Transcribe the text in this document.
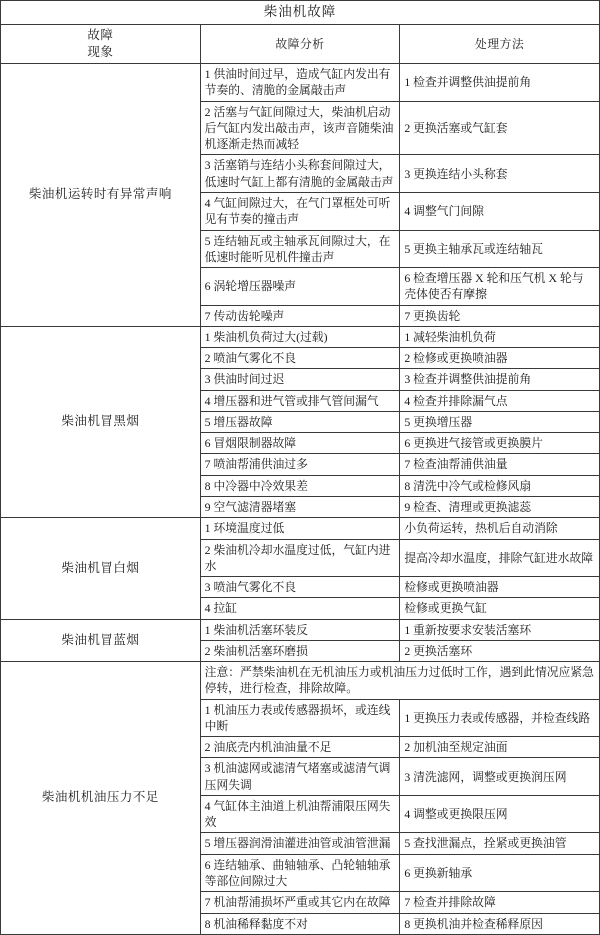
柴油机故障		

故障
现象	故障分析	处理方法
柴油机运转时有异常声响	1 供油时间过早，造成气缸内发出有节奏的、清脆的金属敲击声	1 检查并调整供油提前角
	2 活塞与气缸间隙过大，柴油机启动后气缸内发出敲击声，该声音随柴油机逐渐走热而减轻	2 更换活塞或气缸套
	3 活塞销与连结小头称套间隙过大，低速时气缸上都有清脆的金属敲击声	3 更换连结小头称套
	4 气缸间隙过大，在气门罩框处可听见有节奏的撞击声	4 调整气门间隙
	5 连结轴瓦或主轴承瓦间隙过大，在低速时能听见机件撞击声	5 更换主轴承瓦或连结轴瓦
	6 涡轮增压器噪声	6 检查增压器 X 轮和压气机 X 轮与壳体使否有摩擦
	7 传动齿轮噪声	7 更换齿轮
柴油机冒黑烟	1 柴油机负荷过大(过载)	1 减轻柴油机负荷
	2 喷油气雾化不良	2 检修或更换喷油器
	3 供油时间过迟	3 检查并调整供油提前角
	4 增压器和进气管或排气管间漏气	4 检查并排除漏气点
	5 增压器故障	5 更换增压器
	6 冒烟限制器故障	6 更换进气接管或更换膜片
	7 喷油帮浦供油过多	7 检查油帮浦供油量
	8 中冷器中冷效果差	8 清洗中冷气或检修风扇
	9 空气滤清器堵塞	9 检查、清理或更换滤蕊
柴油机冒白烟	1 环境温度过低	小负荷运转，热机后自动消除
	2 柴油机冷却水温度过低，气缸内进水	提高冷却水温度，排除气缸进水故障
	3 喷油气雾化不良	检修或更换喷油器
	4 拉缸	检修或更换气缸
柴油机冒蓝烟	1 柴油机活塞环装反	1 重新按要求安装活塞环
	2 柴油机活塞环磨损	2 更换活塞环
柴油机机油压力不足	注意：严禁柴油机在无机油压力或机油压力过低时工作，遇到此情况应紧急停转，进行检查，排除故障。	
	1 机油压力表或传感器损坏，或连线中断	1 更换压力表或传感器，并检查线路
	2 油底壳内机油油量不足	2 加机油至规定油面
	3 机油滤网或滤清气堵塞或滤清气调压网失调	3 清洗滤网，调整或更换润压网
	4 气缸体主油道上机油帮浦限压网失效	4 调整或更换限压网
	5 增压器润滑油灌进油管或油管泄漏	5 查找泄漏点，拴紧或更换油管
	6 连结轴承、曲轴轴承、凸轮轴轴承等部位间隙过大	6 更换新轴承
	7 机油帮浦损坏严重或其它内在故障	7 检查并排除故障
	8 机油稀释黏度不对	8 更换机油并检查稀释原因
